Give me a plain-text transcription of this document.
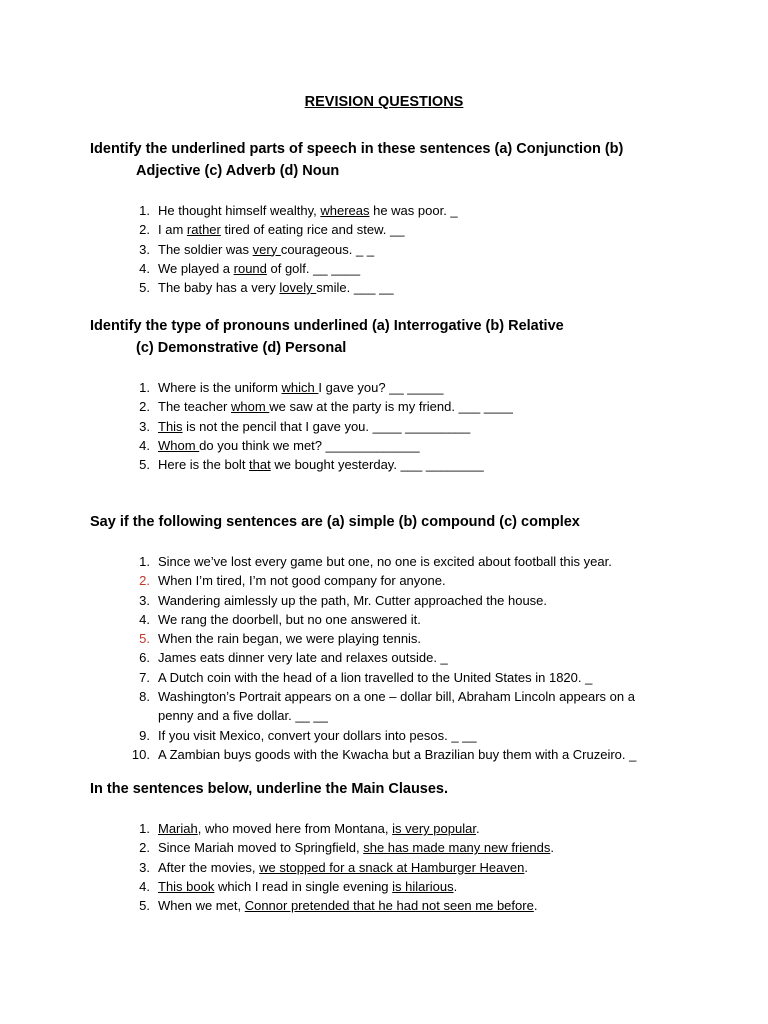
REVISION QUESTIONS
Identify the underlined parts of speech in these sentences (a) Conjunction (b)
Adjective (c) Adverb (d) Noun
1. He thought himself wealthy, whereas he was poor. _
2. I am rather tired of eating rice and stew. __
3. The soldier was very courageous. _ _
4. We played a round of golf. __ ____
5. The baby has a very lovely smile. ___ __
Identify the type of pronouns underlined (a) Interrogative (b) Relative
(c) Demonstrative (d) Personal
1. Where is the uniform which I gave you? __ _____
2. The teacher whom we saw at the party is my friend. ___ ____
3. This is not the pencil that I gave you. ____ _________
4. Whom do you think we met? _____________
5. Here is the bolt that we bought yesterday. ___ ________
Say if the following sentences are (a) simple (b) compound (c) complex
1. Since we’ve lost every game but one, no one is excited about football this year.
2. When I’m tired, I’m not good company for anyone.
3. Wandering aimlessly up the path, Mr. Cutter approached the house.
4. We rang the doorbell, but no one answered it.
5. When the rain began, we were playing tennis.
6. James eats dinner very late and relaxes outside. _
7. A Dutch coin with the head of a lion travelled to the United States in 1820. _
8. Washington’s Portrait appears on a one – dollar bill, Abraham Lincoln appears on a penny and a five dollar. __ __
9. If you visit Mexico, convert your dollars into pesos. _ __
10. A Zambian buys goods with the Kwacha but a Brazilian buy them with a Cruzeiro. _
In the sentences below, underline the Main Clauses.
1. Mariah, who moved here from Montana, is very popular.
2. Since Mariah moved to Springfield, she has made many new friends.
3. After the movies, we stopped for a snack at Hamburger Heaven.
4. This book which I read in single evening is hilarious.
5. When we met, Connor pretended that he had not seen me before.
